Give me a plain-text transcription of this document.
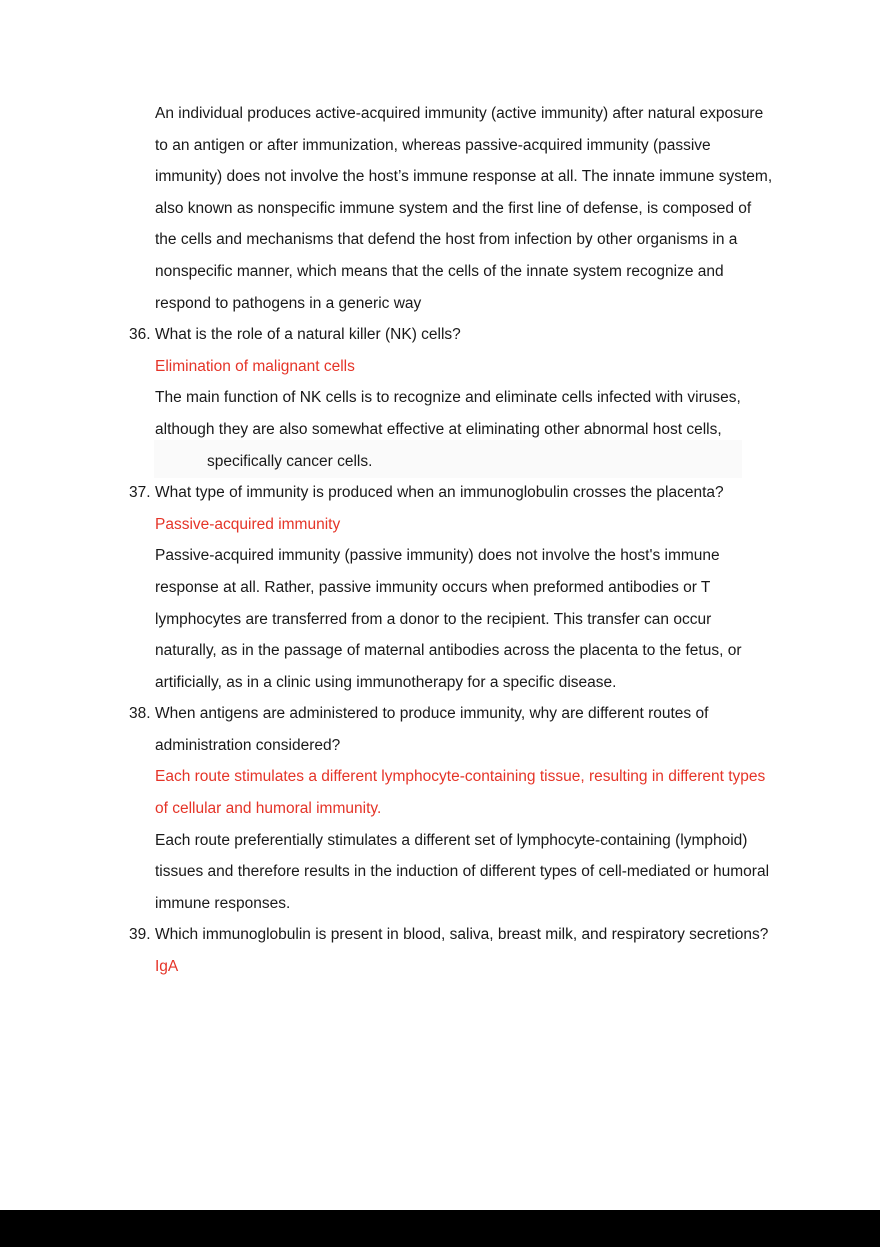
An individual produces active-acquired immunity (active immunity) after natural exposure to an antigen or after immunization, whereas passive-acquired immunity (passive immunity) does not involve the host’s immune response at all. The innate immune system, also known as nonspecific immune system and the first line of defense, is composed of the cells and mechanisms that defend the host from infection by other organisms in a nonspecific manner, which means that the cells of the innate system recognize and respond to pathogens in a generic way

36. What is the role of a natural killer (NK) cells?

Elimination of malignant cells

The main function of NK cells is to recognize and eliminate cells infected with viruses, although they are also somewhat effective at eliminating other abnormal host cells,

specifically cancer cells.

37. What type of immunity is produced when an immunoglobulin crosses the placenta?

Passive-acquired immunity

Passive-acquired immunity (passive immunity) does not involve the host's immune response at all. Rather, passive immunity occurs when preformed antibodies or T lymphocytes are transferred from a donor to the recipient. This transfer can occur naturally, as in the passage of maternal antibodies across the placenta to the fetus, or artificially, as in a clinic using immunotherapy for a specific disease.

38. When antigens are administered to produce immunity, why are different routes of administration considered?

Each route stimulates a different lymphocyte-containing tissue, resulting in different types of cellular and humoral immunity.

Each route preferentially stimulates a different set of lymphocyte-containing (lymphoid) tissues and therefore results in the induction of different types of cell-mediated or humoral immune responses.

39. Which immunoglobulin is present in blood, saliva, breast milk, and respiratory secretions?

IgA
